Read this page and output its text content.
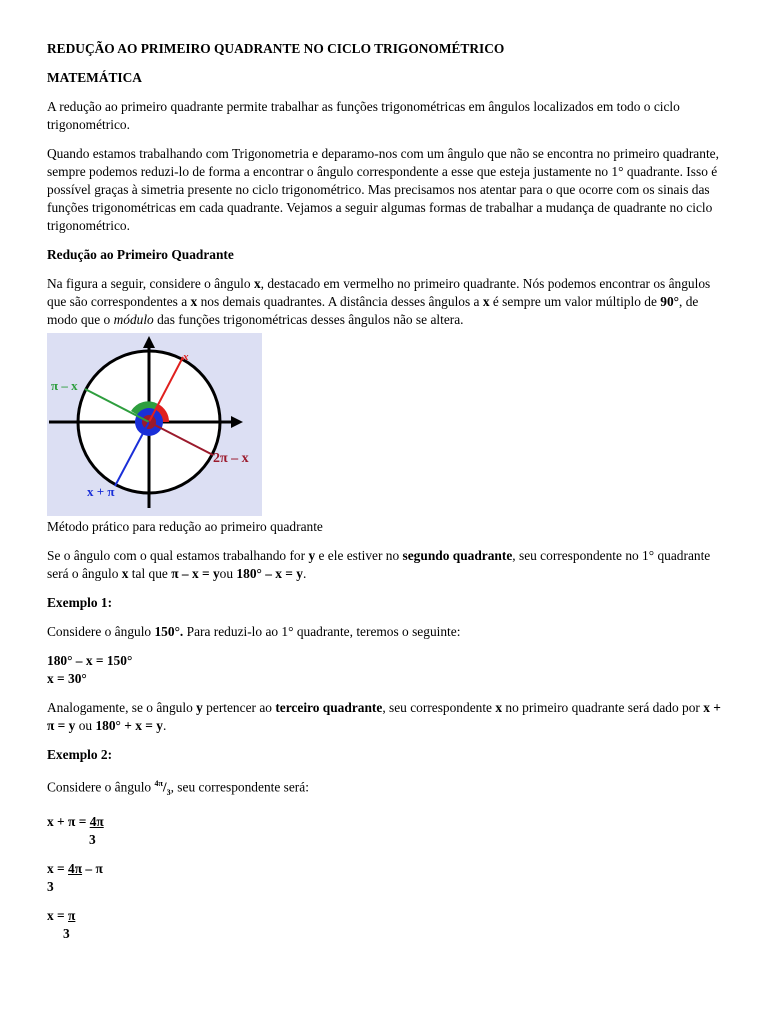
REDUÇÃO AO PRIMEIRO QUADRANTE NO CICLO TRIGONOMÉTRICO

MATEMÁTICA

A redução ao primeiro quadrante permite trabalhar as funções trigonométricas em ângulos localizados em todo o ciclo trigonométrico.

Quando estamos trabalhando com Trigonometria e deparamo-nos com um ângulo que não se encontra no primeiro quadrante, sempre podemos reduzi-lo de forma a encontrar o ângulo correspondente a esse que esteja justamente no 1° quadrante. Isso é possível graças à simetria presente no ciclo trigonométrico. Mas precisamos nos atentar para o que ocorre com os sinais das funções trigonométricas em cada quadrante. Vejamos a seguir algumas formas de trabalhar a mudança de quadrante no ciclo trigonométrico.

Redução ao Primeiro Quadrante

Na figura a seguir, considere o ângulo x, destacado em vermelho no primeiro quadrante. Nós podemos encontrar os ângulos que são correspondentes a x nos demais quadrantes. A distância desses ângulos a x é sempre um valor múltiplo de 90°, de modo que o módulo das funções trigonométricas desses ângulos não se altera.

x
π – x
2π – x
x + π

Método prático para redução ao primeiro quadrante

Se o ângulo com o qual estamos trabalhando for y e ele estiver no segundo quadrante, seu correspondente no 1° quadrante será o ângulo x tal que π – x = you 180° – x = y.

Exemplo 1:

Considere o ângulo 150°. Para reduzi-lo ao 1° quadrante, teremos o seguinte:

180° – x = 150°

x = 30°

Analogamente, se o ângulo y pertencer ao terceiro quadrante, seu correspondente x no primeiro quadrante será dado por x + π = y ou 180° + x = y.

Exemplo 2:

Considere o ângulo $^{4\pi}/_3$, seu correspondente será:

x + π = 4π

3

x = 4π – π

3

x = π

3
